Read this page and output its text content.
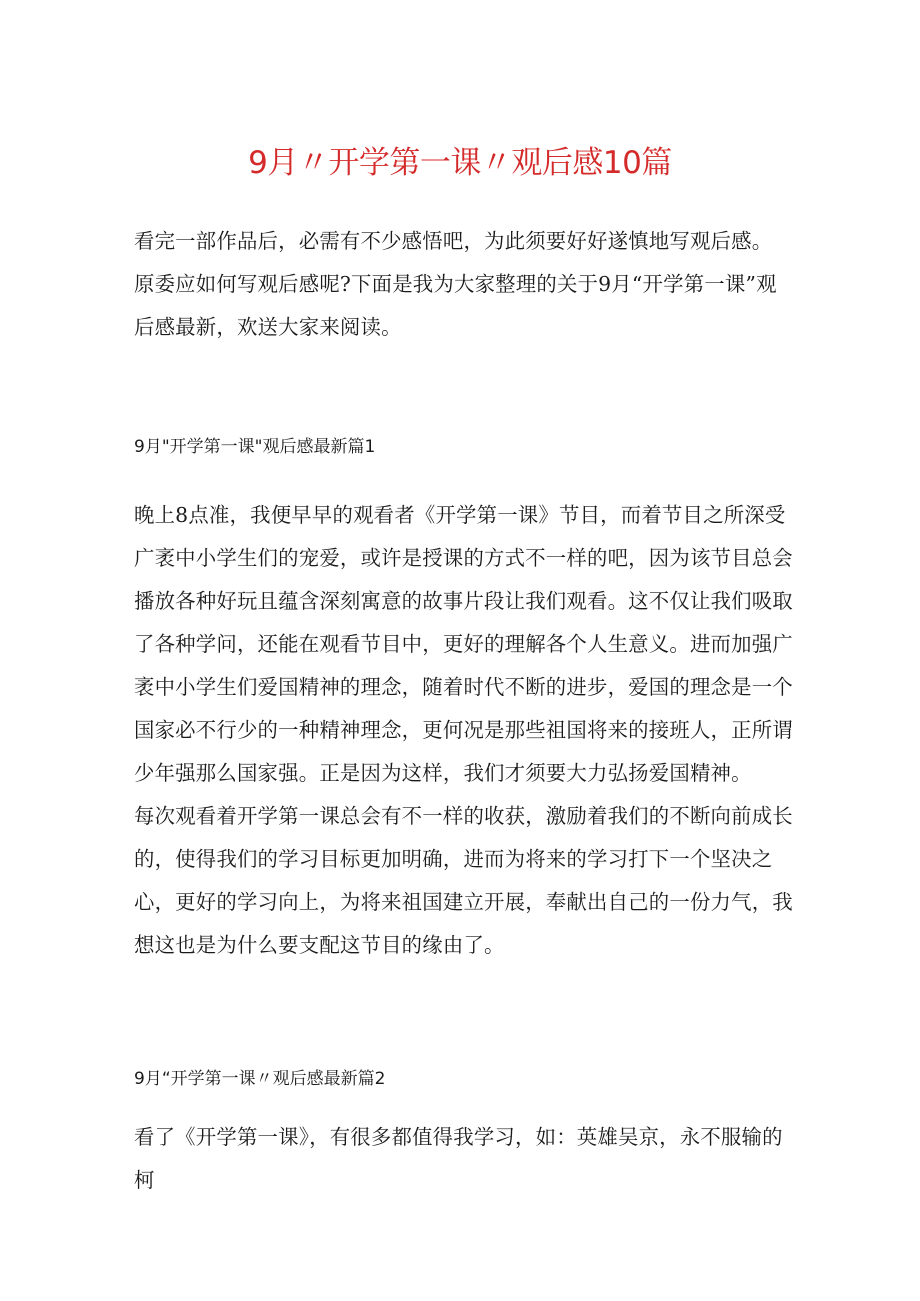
9月〃开学第一课〃观后感10篇

看完一部作品后，必需有不少感悟吧，为此须要好好遂慎地写观后感。

原委应如何写观后感呢?下面是我为大家整理的关于9月“开学第一课”观后感最新，欢送大家来阅读。

9月"开学第一课"观后感最新篇1

晚上8点准，我便早早的观看者《开学第一课》节目，而着节目之所深受广袤中小学生们的宠爱，或许是授课的方式不一样的吧，因为该节目总会播放各种好玩且蕴含深刻寓意的故事片段让我们观看。这不仅让我们吸取了各种学问，还能在观看节目中，更好的理解各个人生意义。进而加强广袤中小学生们爱国精神的理念，随着时代不断的进步，爱国的理念是一个国家必不行少的一种精神理念，更何况是那些祖国将来的接班人，正所谓少年强那么国家强。正是因为这样，我们才须要大力弘扬爱国精神。

每次观看着开学第一课总会有不一样的收获，激励着我们的不断向前成长的，使得我们的学习目标更加明确，进而为将来的学习打下一个坚决之心，更好的学习向上，为将来祖国建立开展，奉献出自己的一份力气，我想这也是为什么要支配这节目的缘由了。

9月“开学第一课〃观后感最新篇2

看了《开学第一课》，有很多都值得我学习，如：英雄吴京，永不服输的柯
